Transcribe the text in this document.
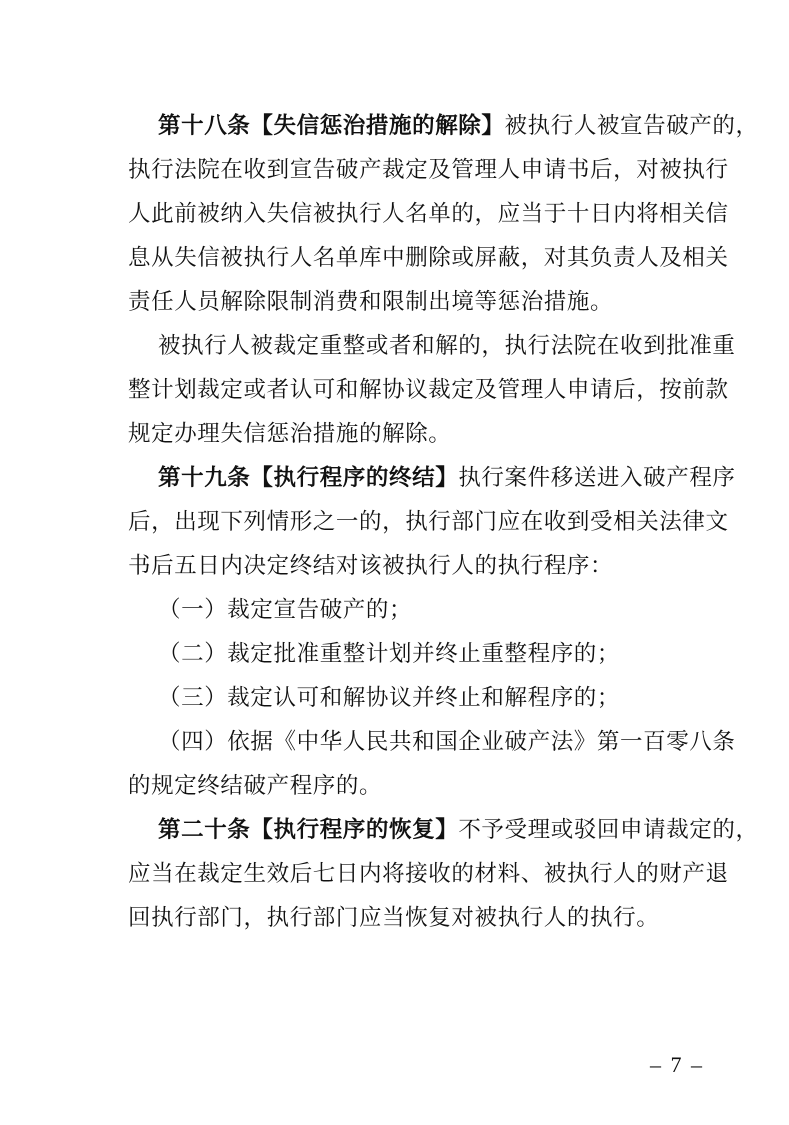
第十八条【失信惩治措施的解除】被执行人被宣告破产的，
执行法院在收到宣告破产裁定及管理人申请书后，对被执行
人此前被纳入失信被执行人名单的，应当于十日内将相关信
息从失信被执行人名单库中删除或屏蔽，对其负责人及相关
责任人员解除限制消费和限制出境等惩治措施。
被执行人被裁定重整或者和解的，执行法院在收到批准重
整计划裁定或者认可和解协议裁定及管理人申请后，按前款
规定办理失信惩治措施的解除。
第十九条【执行程序的终结】执行案件移送进入破产程序
后，出现下列情形之一的，执行部门应在收到受相关法律文
书后五日内决定终结对该被执行人的执行程序：
（一）裁定宣告破产的；
（二）裁定批准重整计划并终止重整程序的；
（三）裁定认可和解协议并终止和解程序的；
（四）依据《中华人民共和国企业破产法》第一百零八条
的规定终结破产程序的。
第二十条【执行程序的恢复】不予受理或驳回申请裁定的，
应当在裁定生效后七日内将接收的材料、被执行人的财产退
回执行部门，执行部门应当恢复对被执行人的执行。
– 7 –
